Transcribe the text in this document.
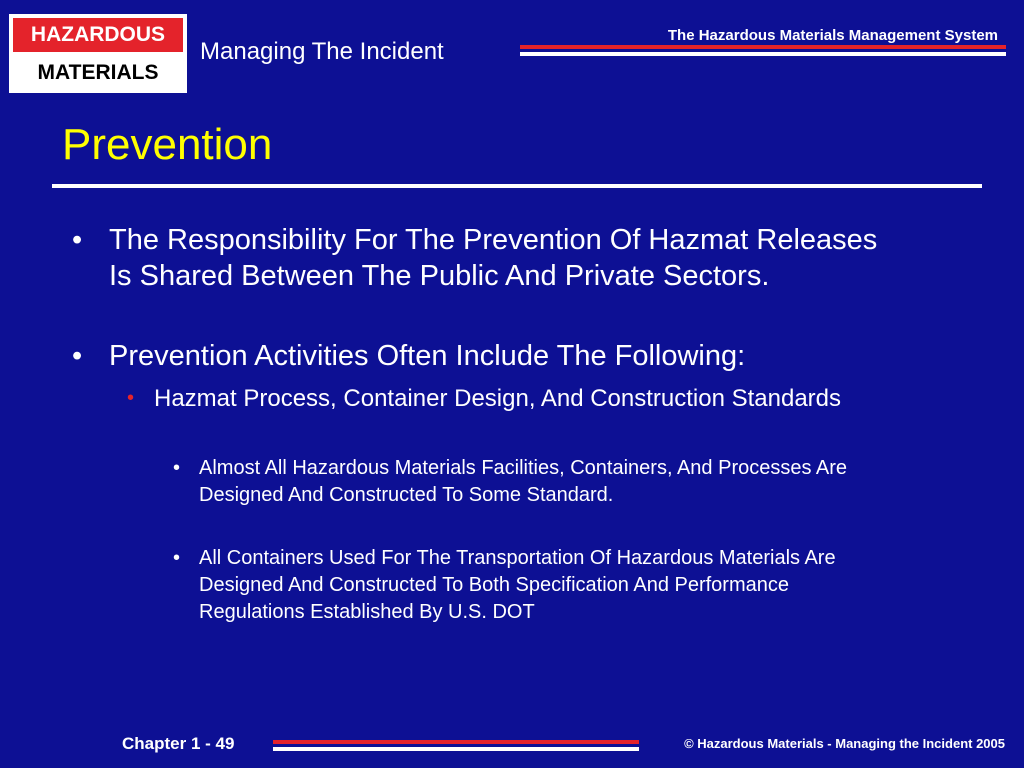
HAZARDOUS
MATERIALS
Managing The Incident
The Hazardous Materials Management System
Prevention
• The Responsibility For The Prevention Of Hazmat Releases Is Shared Between The Public And Private Sectors.
• Prevention Activities Often Include The Following:
• Hazmat Process, Container Design, And Construction Standards
• Almost All Hazardous Materials Facilities, Containers, And Processes Are Designed And Constructed To Some Standard.
• All Containers Used For The Transportation Of Hazardous Materials Are Designed And Constructed To Both Specification And Performance Regulations Established By U.S. DOT
Chapter 1 - 49	© Hazardous Materials - Managing the Incident 2005
